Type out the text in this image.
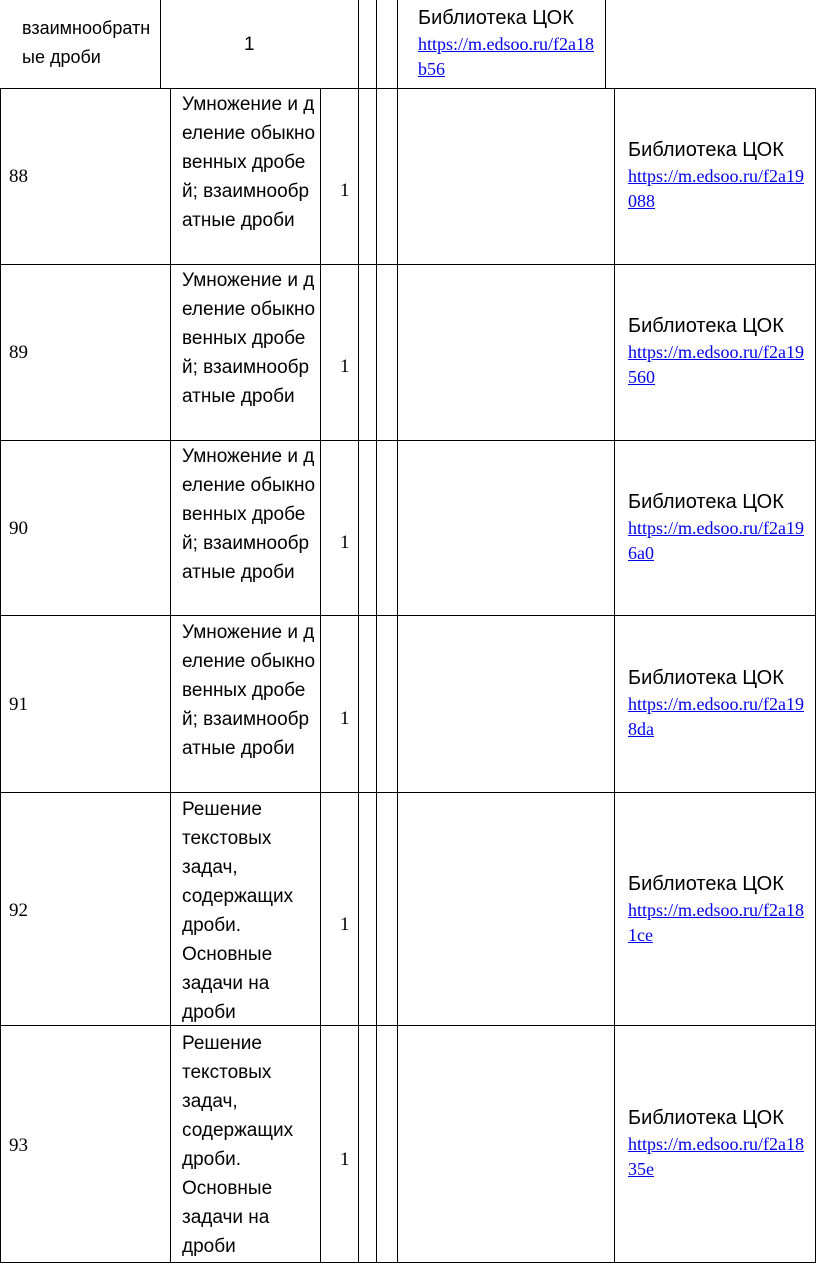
взаимнообратные дроби
1
Библиотека ЦОК
https://m.edsoo.ru/f2a18b56
88
Умножение и деление обыкновенных дробей; взаимнообратные дроби
1
Библиотека ЦОК
https://m.edsoo.ru/f2a19088
89
Умножение и деление обыкновенных дробей; взаимнообратные дроби
1
Библиотека ЦОК
https://m.edsoo.ru/f2a19560
90
Умножение и деление обыкновенных дробей; взаимнообратные дроби
1
Библиотека ЦОК
https://m.edsoo.ru/f2a196a0
91
Умножение и деление обыкновенных дробей; взаимнообратные дроби
1
Библиотека ЦОК
https://m.edsoo.ru/f2a198da
92
Решение текстовых задач, содержащих дроби. Основные задачи на дроби
1
Библиотека ЦОК
https://m.edsoo.ru/f2a181ce
93
Решение текстовых задач, содержащих дроби. Основные задачи на дроби
1
Библиотека ЦОК
https://m.edsoo.ru/f2a1835e
